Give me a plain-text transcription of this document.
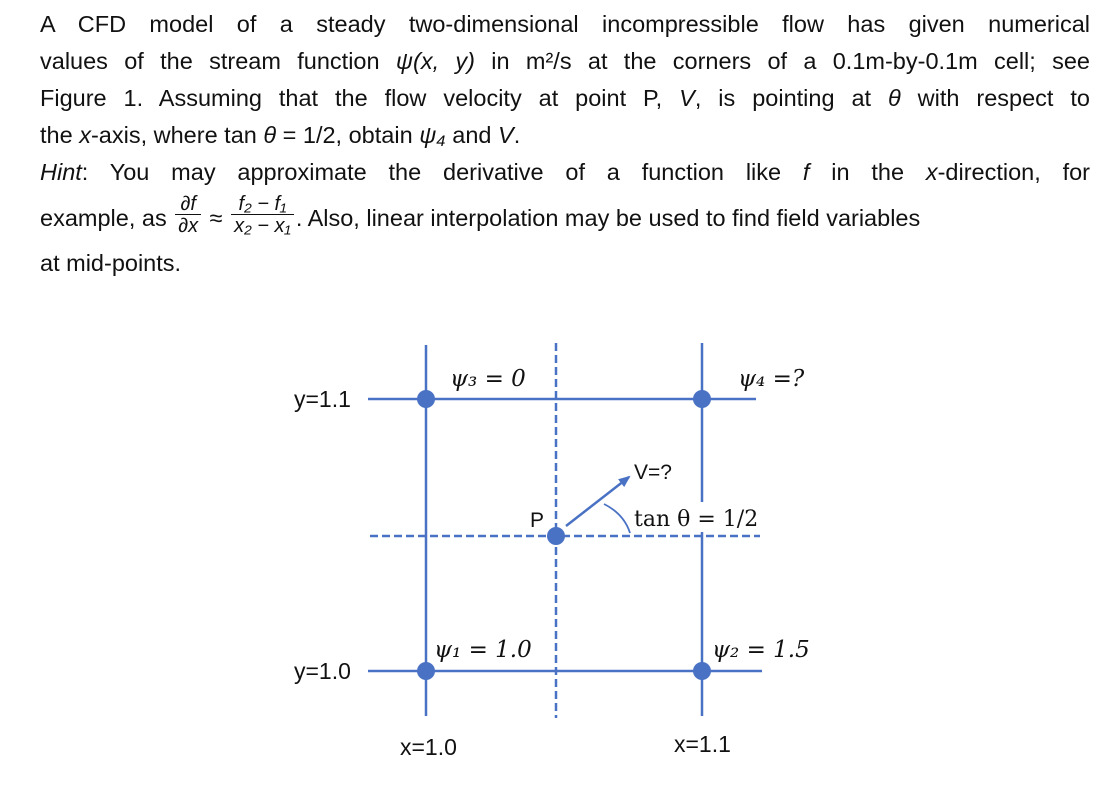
A CFD model of a steady two-dimensional incompressible flow has given numerical
values of the stream function ψ(x, y) in m²/s at the corners of a 0.1m-by-0.1m cell; see
Figure 1. Assuming that the flow velocity at point P, V, is pointing at θ with respect to
the x-axis, where tan θ = 1/2, obtain ψ₄ and V.
Hint: You may approximate the derivative of a function like f in the x-direction, for
example, as $\frac{\partial f}{\partial x} \approx \frac{\text{f₂ − f₁}}{\text{x₂ − x₁}}$ . Also, linear interpolation may be used to find field variables
at mid-points.
ψ₃ = 0	ψ₄ =?
ψ₁ = 1.0	ψ₂ = 1.5
y=1.1
y=1.0
x=1.0	x=1.1
P
V=?
tan θ = 1/2
